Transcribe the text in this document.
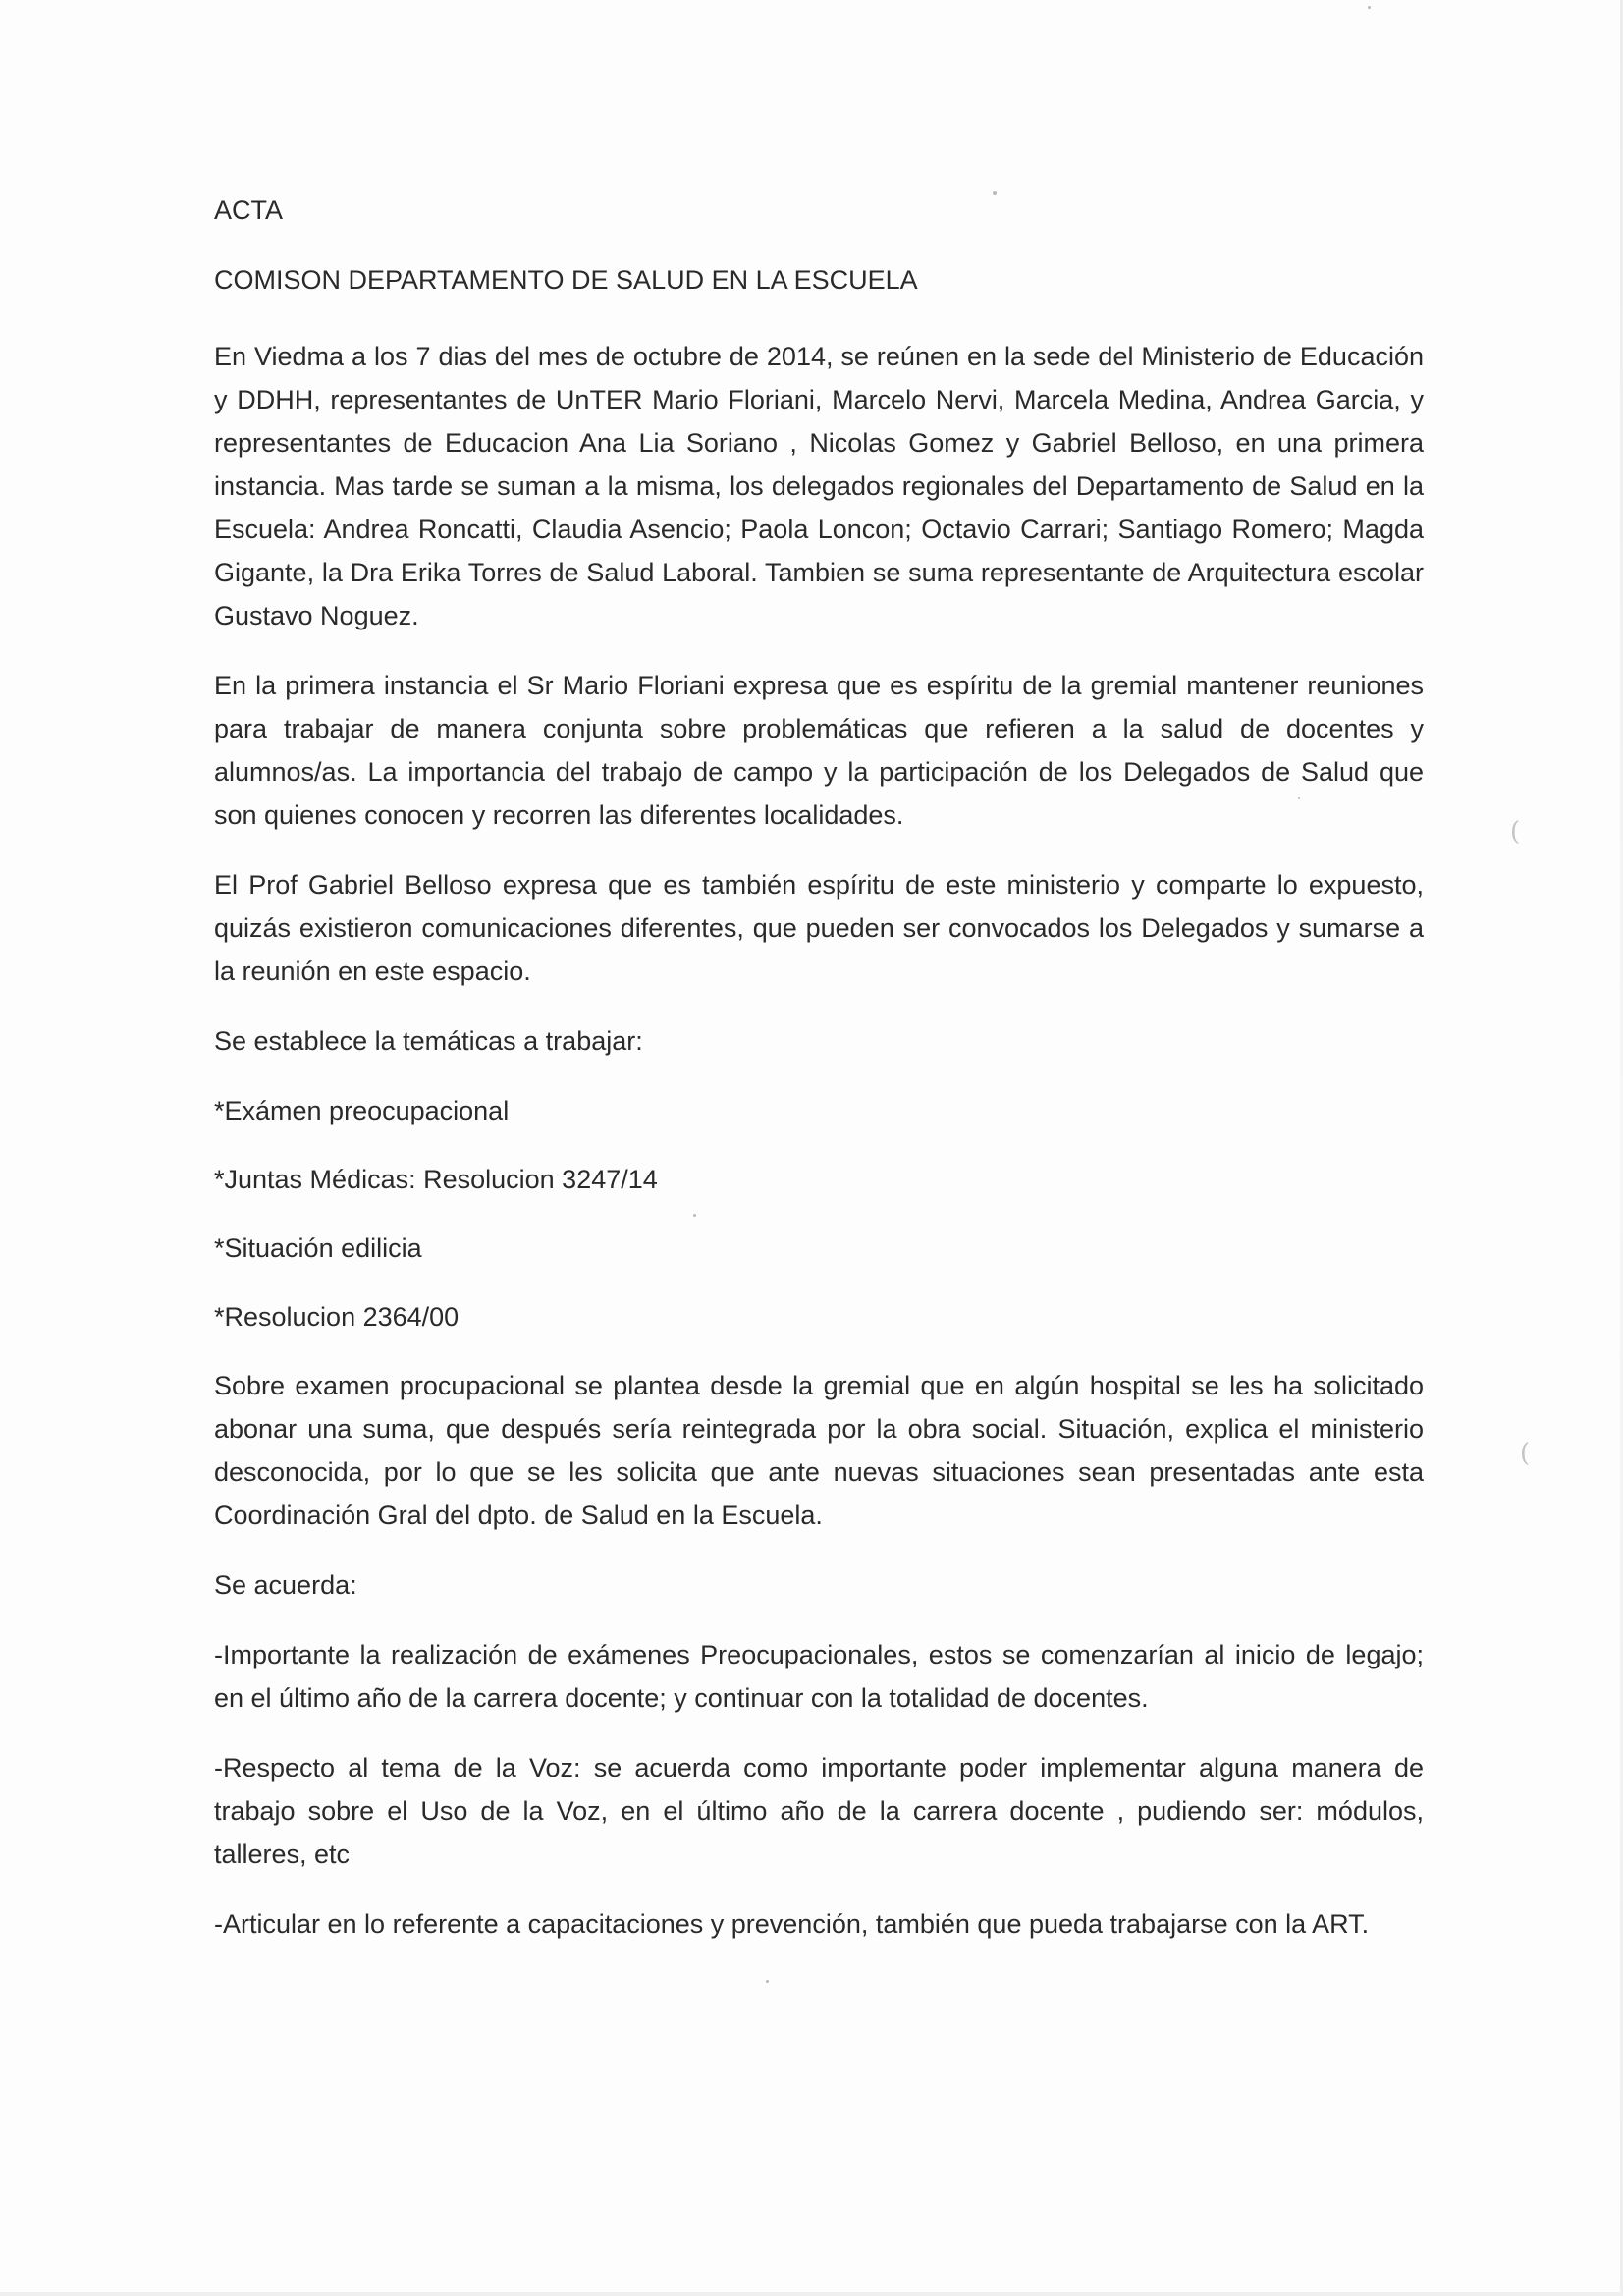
ACTA

COMISON DEPARTAMENTO DE SALUD EN LA ESCUELA

En Viedma a los 7 dias del mes de octubre de 2014, se reúnen en la sede del Ministerio de Educación y DDHH, representantes de UnTER Mario Floriani, Marcelo Nervi, Marcela Medina, Andrea Garcia, y representantes de Educacion Ana Lia Soriano , Nicolas Gomez y Gabriel Belloso, en una primera instancia. Mas tarde se suman a la misma, los delegados regionales del Departamento de Salud en la Escuela: Andrea Roncatti, Claudia Asencio; Paola Loncon; Octavio Carrari; Santiago Romero; Magda Gigante, la Dra Erika Torres de Salud Laboral. Tambien se suma representante de Arquitectura escolar Gustavo Noguez.

En la primera instancia el Sr Mario Floriani expresa que es espíritu de la gremial mantener reuniones para trabajar de manera conjunta sobre problemáticas que refieren a la salud de docentes y alumnos/as. La importancia del trabajo de campo y la participación de los Delegados de Salud que son quienes conocen y recorren las diferentes localidades.

El Prof Gabriel Belloso expresa que es también espíritu de este ministerio y comparte lo expuesto, quizás existieron comunicaciones diferentes, que pueden ser convocados los Delegados y sumarse a la reunión en este espacio.

Se establece la temáticas a trabajar:

*Exámen preocupacional

*Juntas Médicas: Resolucion 3247/14

*Situación edilicia

*Resolucion 2364/00

Sobre examen procupacional se plantea desde la gremial que en algún hospital se les ha solicitado abonar una suma, que después sería reintegrada por la obra social. Situación, explica el ministerio desconocida, por lo que se les solicita que ante nuevas situaciones sean presentadas ante esta Coordinación Gral del dpto. de Salud en la Escuela.

Se acuerda:

-Importante la realización de exámenes Preocupacionales, estos se comenzarían al inicio de legajo; en el último año de la carrera docente; y continuar con la totalidad de docentes.

-Respecto al tema de la Voz: se acuerda como importante poder implementar alguna manera de trabajo sobre el Uso de la Voz, en el último año de la carrera docente , pudiendo ser: módulos, talleres, etc

-Articular en lo referente a capacitaciones y prevención, también que pueda trabajarse con la ART.

(
(
